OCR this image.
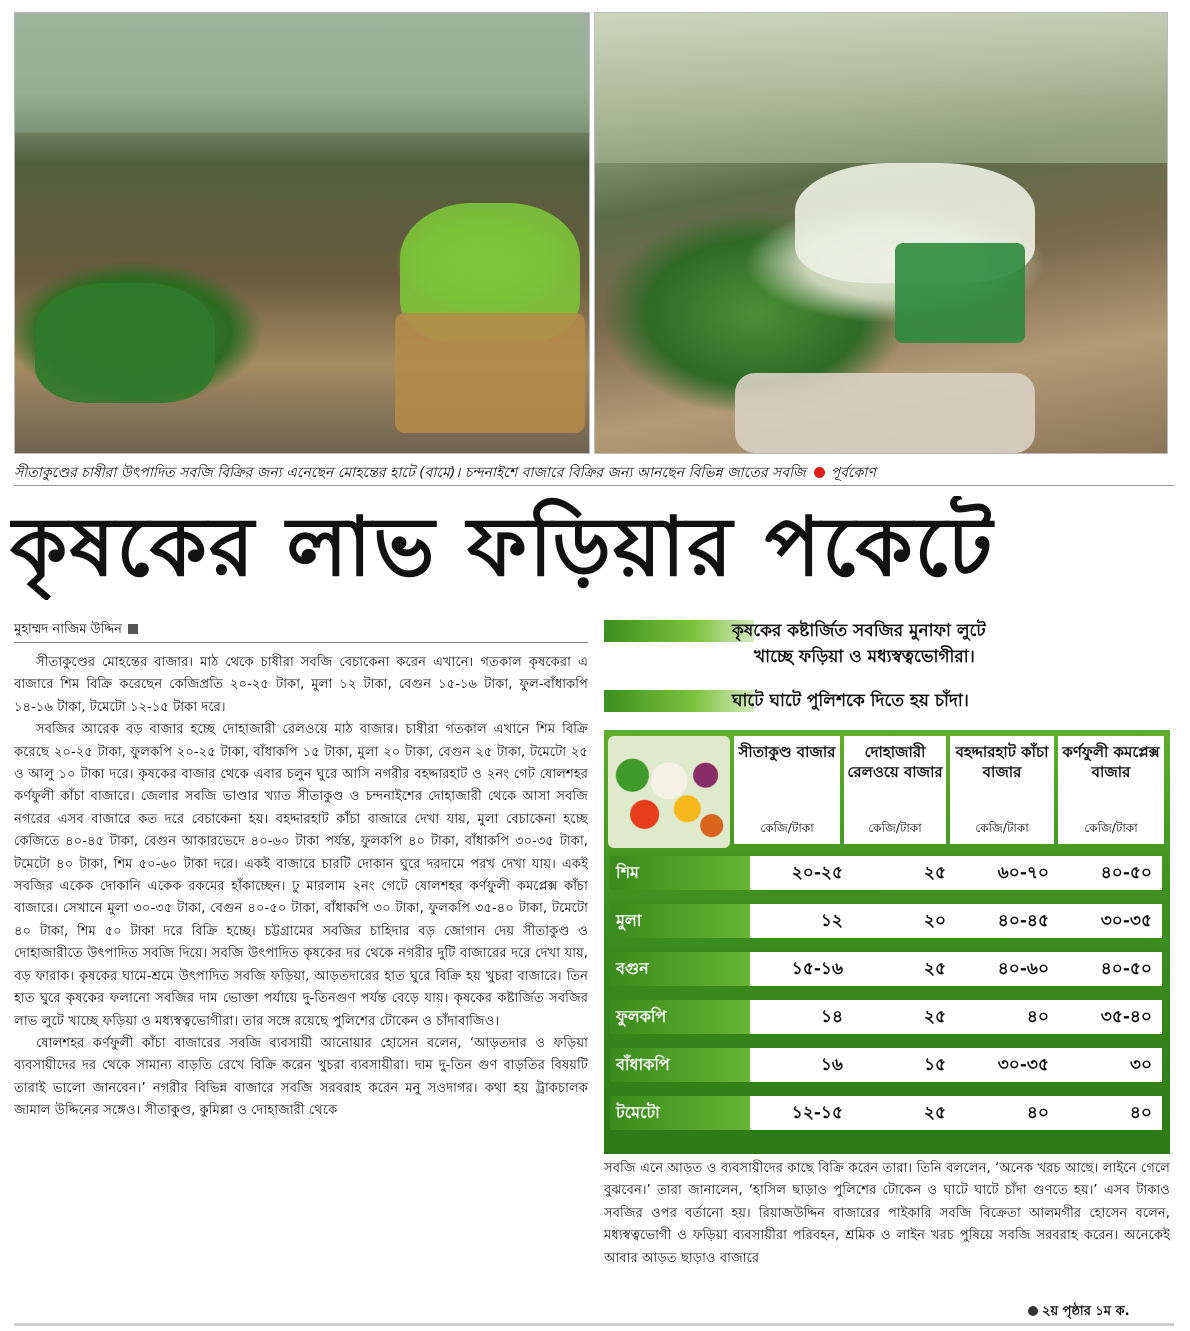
সীতাকুণ্ডের চাষীরা উৎপাদিত সবজি বিক্রির জন্য এনেছেন মোহন্তের হাটে (বামে)। চন্দনাইশে বাজারে বিক্রির জন্য আনছেন বিভিন্ন জাতের সবজি পূর্বকোণ
কৃষকের লাভ ফড়িয়ার পকেটে
মুহাম্মদ নাজিম উদ্দিন

সীতাকুণ্ডের মোহন্তের বাজার। মাঠ থেকে চাষীরা সবজি বেচাকেনা করেন এখানে। গতকাল কৃষকেরা এ বাজারে শিম বিক্রি করেছেন কেজিপ্রতি ২০-২৫ টাকা, মুলা ১২ টাকা, বেগুন ১৫-১৬ টাকা, ফুল-বাঁধাকপি ১৪-১৬ টাকা, টমেটো ১২-১৫ টাকা দরে।

সবজির আরেক বড় বাজার হচ্ছে দোহাজারী রেলওয়ে মাঠ বাজার। চাষীরা গতকাল এখানে শিম বিক্রি করেছে ২০-২৫ টাকা, ফুলকপি ২০-২৫ টাকা, বাঁধাকপি ১৫ টাকা, মুলা ২০ টাকা, বেগুন ২৫ টাকা, টমেটো ২৫ ও আলু ১০ টাকা দরে। কৃষকের বাজার থেকে এবার চলুন ঘুরে আসি নগরীর বহদ্দারহাট ও ২নং গেট ষোলশহর কর্ণফুলী কাঁচা বাজারে। জেলার সবজি ভাণ্ডার খ্যাত সীতাকুণ্ড ও চন্দনাইশের দোহাজারী থেকে আসা সবজি নগরের এসব বাজারে কত দরে বেচাকেনা হয়। বহদ্দারহাট কাঁচা বাজারে দেখা যায়, মুলা বেচাকেনা হচ্ছে কেজিতে ৪০-৪৫ টাকা, বেগুন আকারভেদে ৪০-৬০ টাকা পর্যন্ত, ফুলকপি ৪০ টাকা, বাঁধাকপি ৩০-৩৫ টাকা, টমেটো ৪০ টাকা, শিম ৫০-৬০ টাকা দরে। একই বাজারে চারটি দোকান ঘুরে দরদামে পরখ দেখা যায়। একই সবজির একেক দোকানি একেক রকমের হাঁকাচ্ছেন। ঢু মারলাম ২নং গেটে ষোলশহর কর্ণফুলী কমপ্লেক্স কাঁচা বাজারে। সেখানে মুলা ৩০-৩৫ টাকা, বেগুন ৪০-৫০ টাকা, বাঁধাকপি ৩০ টাকা, ফুলকপি ৩৫-৪০ টাকা, টমেটো ৪০ টাকা, শিম ৫০ টাকা দরে বিক্রি হচ্ছে। চট্টগ্রামের সবজির চাহিদার বড় জোগান দেয় সীতাকুণ্ড ও দোহাজারীতে উৎপাদিত সবজি দিয়ে। সবজি উৎপাদিত কৃষকের দর থেকে নগরীর দুটি বাজারের দরে দেখা যায়, বড় ফারাক। কৃষকের ঘামে-শ্রমে উৎপাদিত সবজি ফড়িয়া, আড়তদারের হাত ঘুরে বিক্রি হয় খুচরা বাজারে। তিন হাত ঘুরে কৃষকের ফলানো সবজির দাম ভোক্তা পর্যায়ে দু-তিনগুণ পর্যন্ত বেড়ে যায়। কৃষকের কষ্টার্জিত সবজির লাভ লুটে খাচ্ছে ফড়িয়া ও মধ্যস্বত্বভোগীরা। তার সঙ্গে রয়েছে পুলিশের টোকেন ও চাঁদাবাজিও।

ষোলশহর কর্ণফুলী কাঁচা বাজারের সবজি ব্যবসায়ী আনোয়ার হোসেন বলেন, ‘আড়তদার ও ফড়িয়া ব্যবসায়ীদের দর থেকে সামান্য বাড়তি রেখে বিক্রি করেন খুচরা ব্যবসায়ীরা। দাম দু-তিন গুণ বাড়তির বিষয়টি তারাই ভালো জানবেন।’ নগরীর বিভিন্ন বাজারে সবজি সরবরাহ করেন মনু সওদাগর। কথা হয় ট্রাকচালক জামাল উদ্দিনের সঙ্গেও। সীতাকুণ্ড, কুমিল্লা ও দোহাজারী থেকে

কৃষকের কষ্টার্জিত সবজির মুনাফা লুটে
খাচ্ছে ফড়িয়া ও মধ্যস্বত্বভোগীরা।
ঘাটে ঘাটে পুলিশকে দিতে হয় চাঁদা।
সীতাকুণ্ড বাজার
কেজি/টাকা
দোহাজারী রেলওয়ে বাজার
কেজি/টাকা
বহদ্দারহাট কাঁচা বাজার
কেজি/টাকা
কর্ণফুলী কমপ্লেক্স বাজার
কেজি/টাকা
শিম	২০-২৫	২৫	৬০-৭০	৪০-৫০
মুলা	১২	২০	৪০-৪৫	৩০-৩৫
বগুন	১৫-১৬	২৫	৪০-৬০	৪০-৫০
ফুলকপি	১৪	২৫	৪০	৩৫-৪০
বাঁধাকপি	১৬	১৫	৩০-৩৫	৩০
টমেটো	১২-১৫	২৫	৪০	৪০
সবজি এনে আড়ত ও ব্যবসায়ীদের কাছে বিক্রি করেন তারা। তিনি বললেন, ‘অনেক খরচ আছে। লাইনে গেলে বুঝবেন।’ তারা জানালেন, ‘হাসিল ছাড়াও পুলিশের টোকেন ও ঘাটে ঘাটে চাঁদা গুণতে হয়।’ এসব টাকাও সবজির ওপর বর্তানো হয়। রিয়াজউদ্দিন বাজারের পাইকারি সবজি বিক্রেতা আলমগীর হোসেন বলেন, মধ্যস্বত্বভোগী ও ফড়িয়া ব্যবসায়ীরা পরিবহন, শ্রমিক ও লাইন খরচ পুষিয়ে সবজি সরবরাহ করেন। অনেকেই আবার আড়ত ছাড়াও বাজারে
২য় পৃষ্ঠার ১ম ক.
